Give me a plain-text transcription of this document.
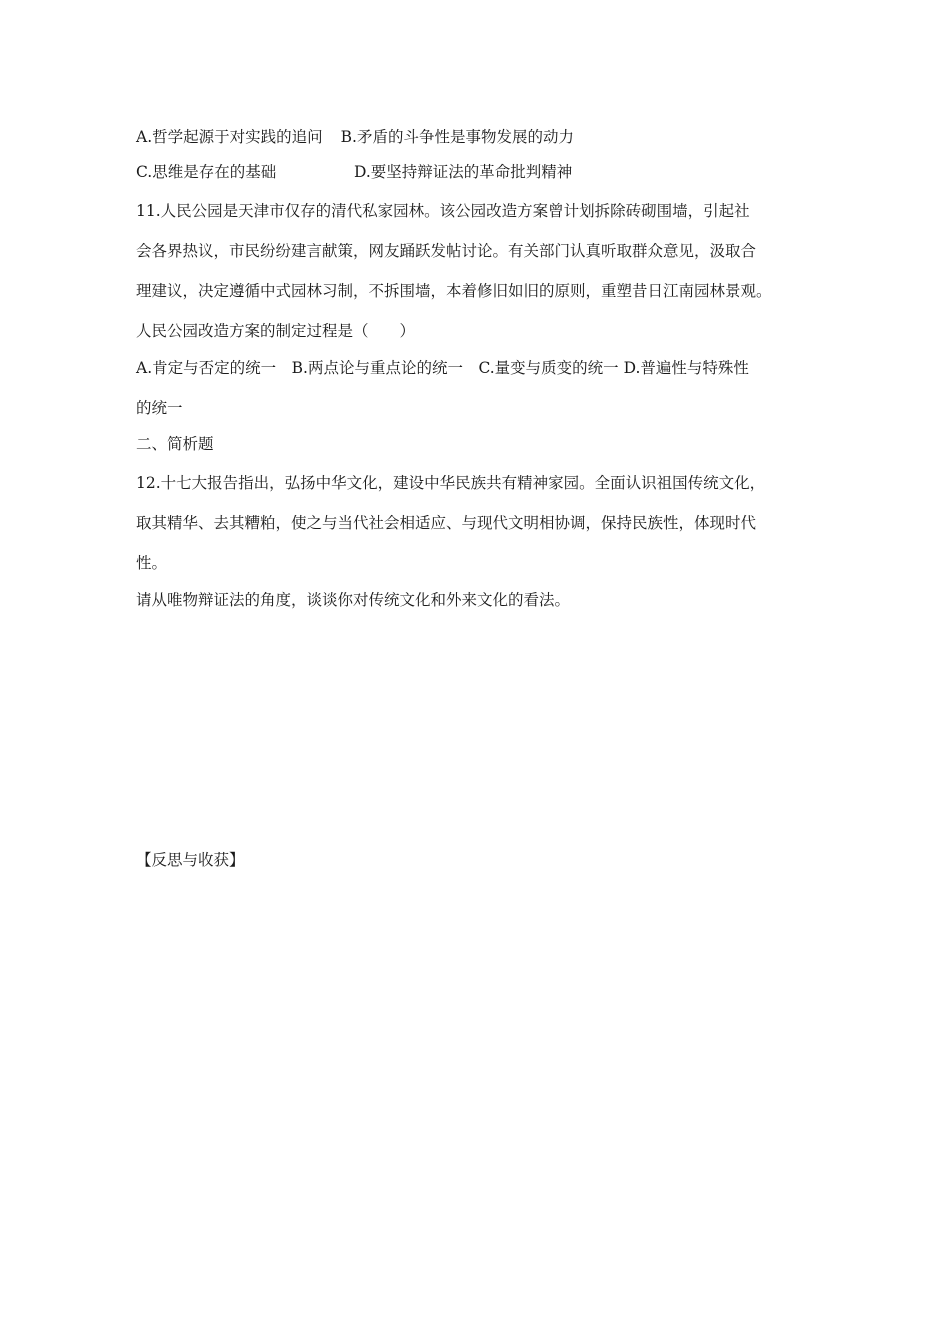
A.哲学起源于对实践的追问 B.矛盾的斗争性是事物发展的动力
C.思维是存在的基础	D.要坚持辩证法的革命批判精神
11.人民公园是天津市仅存的清代私家园林。该公园改造方案曾计划拆除砖砌围墙，引起社
会各界热议，市民纷纷建言献策，网友踊跃发帖讨论。有关部门认真听取群众意见，汲取合
理建议，决定遵循中式园林习制，不拆围墙，本着修旧如旧的原则，重塑昔日江南园林景观。
人民公园改造方案的制定过程是（　　）
A.肯定与否定的统一　B.两点论与重点论的统一　C.量变与质变的统一 D.普遍性与特殊性
的统一
二、简析题
12.十七大报告指出，弘扬中华文化，建设中华民族共有精神家园。全面认识祖国传统文化，
取其精华、去其糟粕，使之与当代社会相适应、与现代文明相协调，保持民族性，体现时代
性。
请从唯物辩证法的角度，谈谈你对传统文化和外来文化的看法。
【反思与收获】
